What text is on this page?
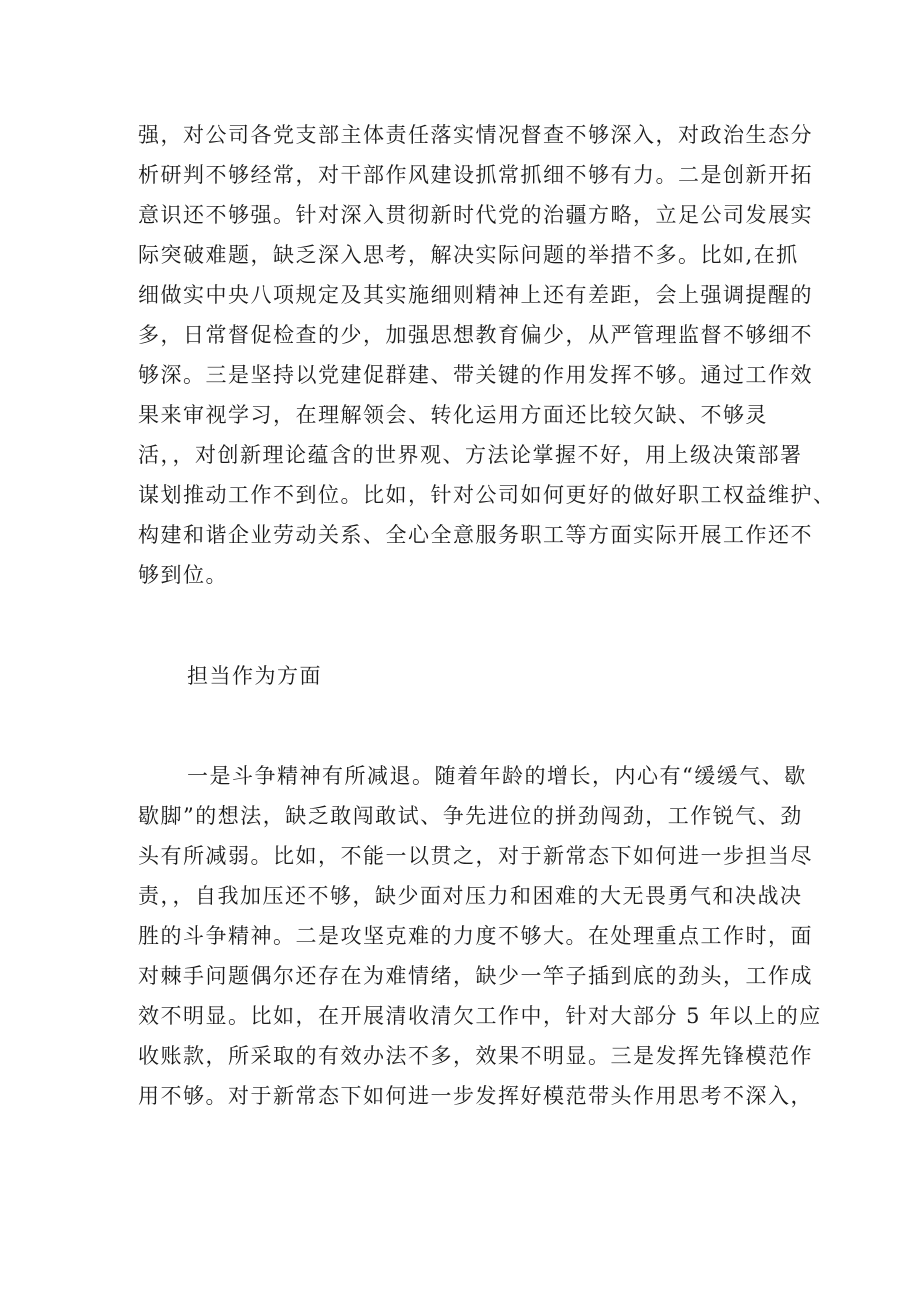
强，对公司各党支部主体责任落实情况督查不够深入，对政治生态分
析研判不够经常，对干部作风建设抓常抓细不够有力。二是创新开拓
意识还不够强。针对深入贯彻新时代党的治疆方略，立足公司发展实
际突破难题，缺乏深入思考，解决实际问题的举措不多。比如,在抓
细做实中央八项规定及其实施细则精神上还有差距，会上强调提醒的
多，日常督促检查的少，加强思想教育偏少，从严管理监督不够细不
够深。三是坚持以党建促群建、带关键的作用发挥不够。通过工作效
果来审视学习，在理解领会、转化运用方面还比较欠缺、不够灵
活，，对创新理论蕴含的世界观、方法论掌握不好，用上级决策部署
谋划推动工作不到位。比如，针对公司如何更好的做好职工权益维护、
构建和谐企业劳动关系、全心全意服务职工等方面实际开展工作还不
够到位。
担当作为方面
一是斗争精神有所减退。随着年龄的增长，内心有“缓缓气、歇
歇脚”的想法，缺乏敢闯敢试、争先进位的拼劲闯劲，工作锐气、劲
头有所减弱。比如，不能一以贯之，对于新常态下如何进一步担当尽
责，，自我加压还不够，缺少面对压力和困难的大无畏勇气和决战决
胜的斗争精神。二是攻坚克难的力度不够大。在处理重点工作时，面
对棘手问题偶尔还存在为难情绪，缺少一竿子插到底的劲头，工作成
效不明显。比如，在开展清收清欠工作中，针对大部分 5 年以上的应
收账款，所采取的有效办法不多，效果不明显。三是发挥先锋模范作
用不够。对于新常态下如何进一步发挥好模范带头作用思考不深入，
